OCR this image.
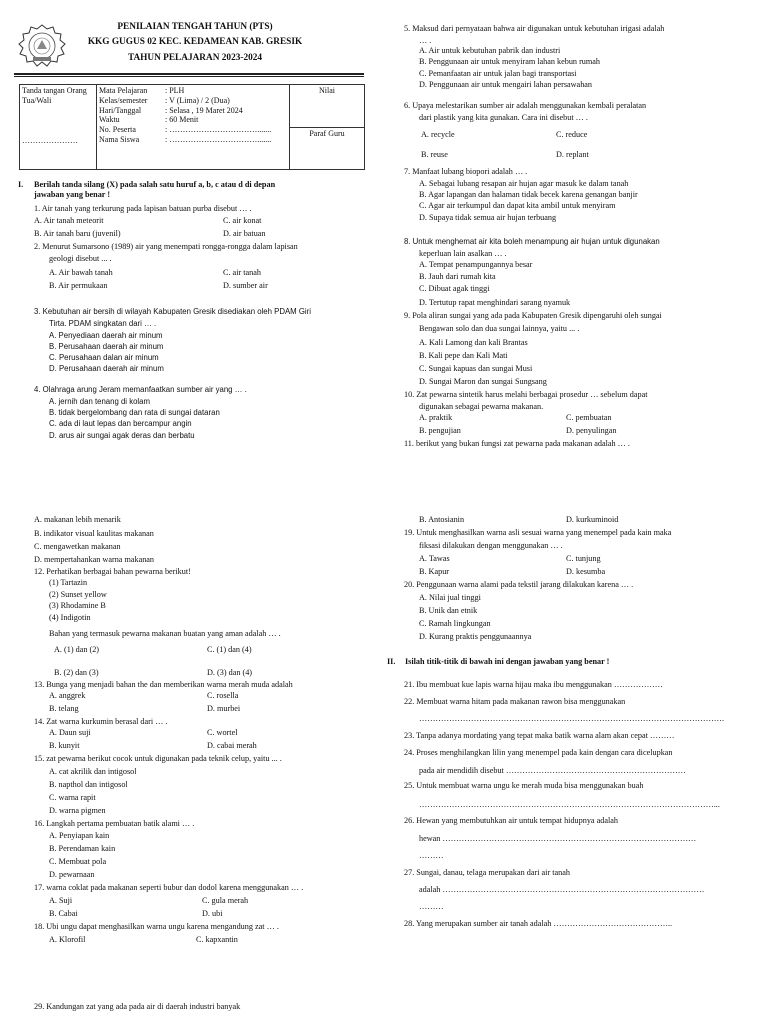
PENILAIAN TENGAH TAHUN (PTS)
KKG GUGUS 02 KEC. KEDAMEAN KAB. GRESIK
TAHUN PELAJARAN 2023-2024
Tanda tangan Orang Tua/Wali
…………………

Mata Pelajaran : PLH
Kelas/semester : V (Lima) / 2 (Dua)
Hari/Tanggal	: Selasa , 19 Maret 2024
Waktu	: 60 Menit
No. Peserta	: …………………………….......
Nama Siswa	: …………………………….......
	Nilai

Paraf Guru

I. Berilah tanda silang (X) pada salah satu huruf a, b, c atau d di depan
jawaban yang benar !
1. Air tanah yang terkurung pada lapisan batuan purba disebut … .
A. Air tanah meteorit	C. air konat
B. Air tanah baru (juvenil)	D. air batuan
2. Menurut Sumarsono (1989) air yang menempati rongga-rongga dalam lapisan
geologi disebut ... .
A. Air bawah tanah	C. air tanah
B. Air permukaan	D. sumber air
3. Kebutuhan air bersih di wilayah Kabupaten Gresik disediakan oleh PDAM Giri
Tirta. PDAM singkatan dari … .
A. Penyediaan daerah air minum
B. Perusahaan daerah air minum
C. Perusahaan dalan air minum
D. Perusahaan daerah air minum
4. Olahraga arung Jeram memanfaatkan sumber air yang … .
A. jernih dan tenang di kolam
B. tidak bergelombang dan rata di sungai dataran
C. ada di laut lepas dan bercampur angin
D. arus air sungai agak deras dan berbatu
5. Maksud dari pernyataan bahwa air digunakan untuk kebutuhan irigasi adalah
… .
A. Air untuk kebutuhan pabrik dan industri
B. Penggunaan air untuk menyiram lahan kebun rumah
C. Pemanfaatan air untuk jalan bagi transportasi
D. Penggunaan air untuk mengairi lahan persawahan
6. Upaya melestarikan sumber air adalah menggunakan kembali peralatan
dari plastik yang kita gunakan. Cara ini disebut … .
A. recycle	C. reduce
B. reuse	D. replant
7. Manfaat lubang biopori adalah … .
A. Sebagai lubang resapan air hujan agar masuk ke dalam tanah
B. Agar lapangan dan halaman tidak becek karena genangan banjir
C. Agar air terkumpul dan dapat kita ambil untuk menyiram
D. Supaya tidak semua air hujan terbuang
8. Untuk menghemat air kita boleh menampung air hujan untuk digunakan
keperluan lain asalkan … .
A. Tempat penampungannya besar
B. Jauh dari rumah kita
C. Dibuat agak tinggi
D. Tertutup rapat menghindari sarang nyamuk
9. Pola aliran sungai yang ada pada Kabupaten Gresik dipengaruhi oleh sungai
Bengawan solo dan dua sungai lainnya, yaitu ... .
A. Kali Lamong dan kali Brantas
B. Kali pepe dan Kali Mati
C. Sungai kapuas dan sungai Musi
D. Sungai Maron dan sungai Sungsang
10. Zat pewarna sintetik harus melahi berbagai prosedur … sebelum dapat
digunakan sebagai pewarna makanan.
A. praktik	C. pembuatan
B. pengujian	D. penyulingan
11. berikut yang bukan fungsi zat pewarna pada makanan adalah … .
A. makanan lebih menarik
B. indikator visual kaulitas makanan
C. mengawetkan makanan
D. mempertahankan warna makanan
12. Perhatikan berbagai bahan pewarna berikut!
(1) Tartazin
(2) Sunset yellow
(3) Rhodamine B
(4) Indigotin
Bahan yang termasuk pewarna makanan buatan yang aman adalah … .
A. (1) dan (2)	C. (1) dan (4)
B. (2) dan (3)	D. (3) dan (4)
13. Bunga yang menjadi bahan the dan memberikan warna merah muda adalah
A. anggrek	C. rosella
B. telang	D. murbei
14. Zat warna kurkumin berasal dari … .
A. Daun suji	C. wortel
B. kunyit	D. cabai merah
15. zat pewarna berikut cocok untuk digunakan pada teknik celup, yaitu ... .
A. cat akrilik dan intigosol
B. napthol dan intigosol
C. warna rapit
D. warna pigmen
16. Langkah pertama pembuatan batik alami … .
A. Penyiapan kain
B. Perendaman kain
C. Membuat pola
D. pewarnaan
17. warna coklat pada makanan seperti bubur dan dodol karena menggunakan … .
A. Suji	C. gula merah
B. Cabai	D. ubi
18. Ubi ungu dapat menghasilkan warna ungu karena mengandung zat … .
A. Klorofil	C. kapxantin
29. Kandungan zat yang ada pada air di daerah industri banyak
B. Antosianin	D. kurkuminoid
19. Untuk menghasilkan warna asli sesuai warna yang menempel pada kain maka
fiksasi dilakukan dengan menggunakan … .
A. Tawas	C. tunjung
B. Kapur	D. kesumba
20. Penggunaan warna alami pada tekstil jarang dilakukan karena … .
A. Nilai jual tinggi
B. Unik dan etnik
C. Ramah lingkungan
D. Kurang praktis penggunaannya
II. Isilah titik-titik di bawah ini dengan jawaban yang benar !
21. Ibu membuat kue lapis warna hijau maka ibu menggunakan ………………
22. Membuat warna hitam pada makanan rawon bisa menggunakan
………………………………………………………………………………………………….
23. Tanpa adanya mordating yang tepat maka batik warna alam akan cepat ………
24. Proses menghilangkan lilin yang menempel pada kain dengan cara dicelupkan
pada air mendidih disebut …………………………………………………………
25. Untuk membuat warna ungu ke merah muda bisa menggunakan buah
………………………………………………………………………………………………...
26. Hewan yang membutuhkan air untuk tempat hidupnya adalah
hewan …………………………………………………………………………………
………
27. Sungai, danau, telaga merupakan dari air tanah
adalah ……………………………………………………………………………………
………
28. Yang merupakan sumber air tanah adalah ……………………………………..
